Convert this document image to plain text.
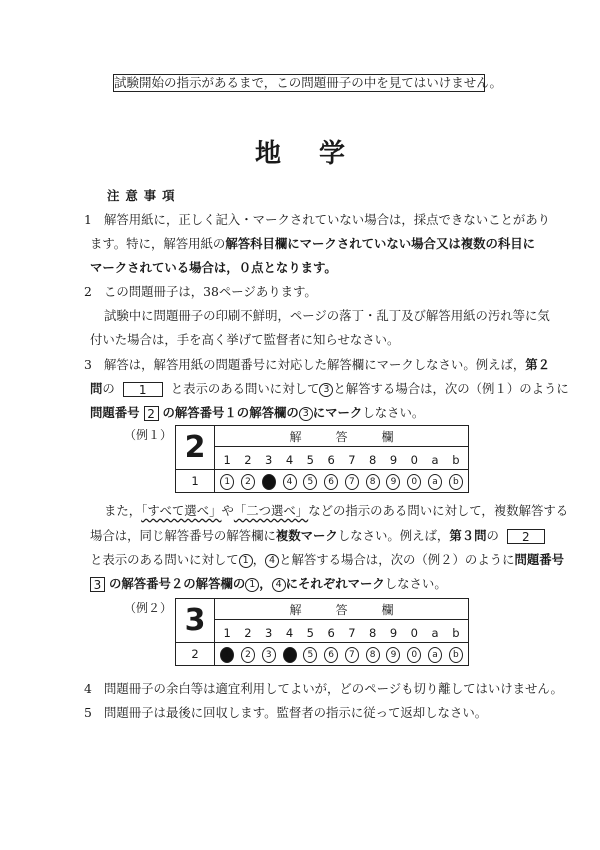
試験開始の指示があるまで，この問題冊子の中を見てはいけません。
地学
注意事項
1 解答用紙に，正しく記入・マークされていない場合は，採点できないことがあり
ます。特に，解答用紙の解答科目欄にマークされていない場合又は複数の科目に
マークされている場合は，０点となります。
2 この問題冊子は，38ページあります。
試験中に問題冊子の印刷不鮮明，ページの落丁・乱丁及び解答用紙の汚れ等に気
付いた場合は，手を高く挙げて監督者に知らせなさい。
3 解答は，解答用紙の問題番号に対応した解答欄にマークしなさい。例えば，第２
問の 1 と表示のある問いに対して 3 と解答する場合は，次の（例１）のように
問題番号 2 の解答番号１の解答欄の 3 にマークしなさい。
（例１） 2	解答欄
	1 2 3 4 5 6 7 8 9 0 a b
1	1 2 3 4 5 6 7 8 9 0 a b
また，「すべて選べ」や「二つ選べ」などの指示のある問いに対して，複数解答する
場合は，同じ解答番号の解答欄に複数マークしなさい。例えば，第３問の 2
と表示のある問いに対して 1 ， 4 と解答する場合は，次の（例２）のように問題番号
3 の解答番号２の解答欄の 1 ， 4 にそれぞれマークしなさい。
（例２） 3	解答欄
	1 2 3 4 5 6 7 8 9 0 a b
2	1 2 3 4 5 6 7 8 9 0 a b
4 問題冊子の余白等は適宜利用してよいが，どのページも切り離してはいけません。
5 問題冊子は最後に回収します。監督者の指示に従って返却しなさい。
